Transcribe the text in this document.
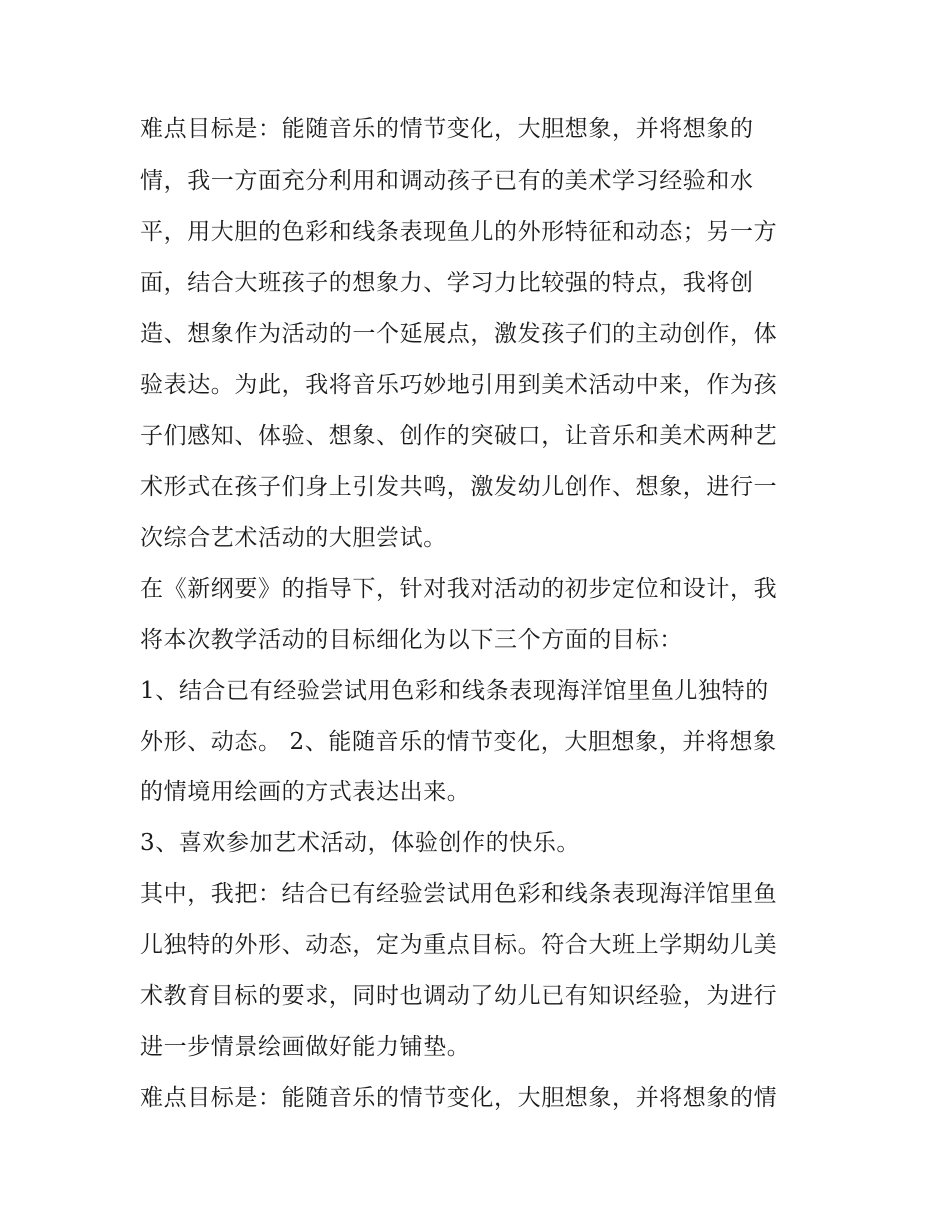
难点目标是：能随音乐的情节变化，大胆想象，并将想象的
情，我一方面充分利用和调动孩子已有的美术学习经验和水
平，用大胆的色彩和线条表现鱼儿的外形特征和动态；另一方
面，结合大班孩子的想象力、学习力比较强的特点，我将创
造、想象作为活动的一个延展点，激发孩子们的主动创作，体
验表达。为此，我将音乐巧妙地引用到美术活动中来，作为孩
子们感知、体验、想象、创作的突破口，让音乐和美术两种艺
术形式在孩子们身上引发共鸣，激发幼儿创作、想象，进行一
次综合艺术活动的大胆尝试。
在《新纲要》的指导下，针对我对活动的初步定位和设计，我
将本次教学活动的目标细化为以下三个方面的目标：
1、结合已有经验尝试用色彩和线条表现海洋馆里鱼儿独特的
外形、动态。 2、能随音乐的情节变化，大胆想象，并将想象
的情境用绘画的方式表达出来。
3、喜欢参加艺术活动，体验创作的快乐。
其中，我把：结合已有经验尝试用色彩和线条表现海洋馆里鱼
儿独特的外形、动态，定为重点目标。符合大班上学期幼儿美
术教育目标的要求，同时也调动了幼儿已有知识经验，为进行
进一步情景绘画做好能力铺垫。
难点目标是：能随音乐的情节变化，大胆想象，并将想象的情
